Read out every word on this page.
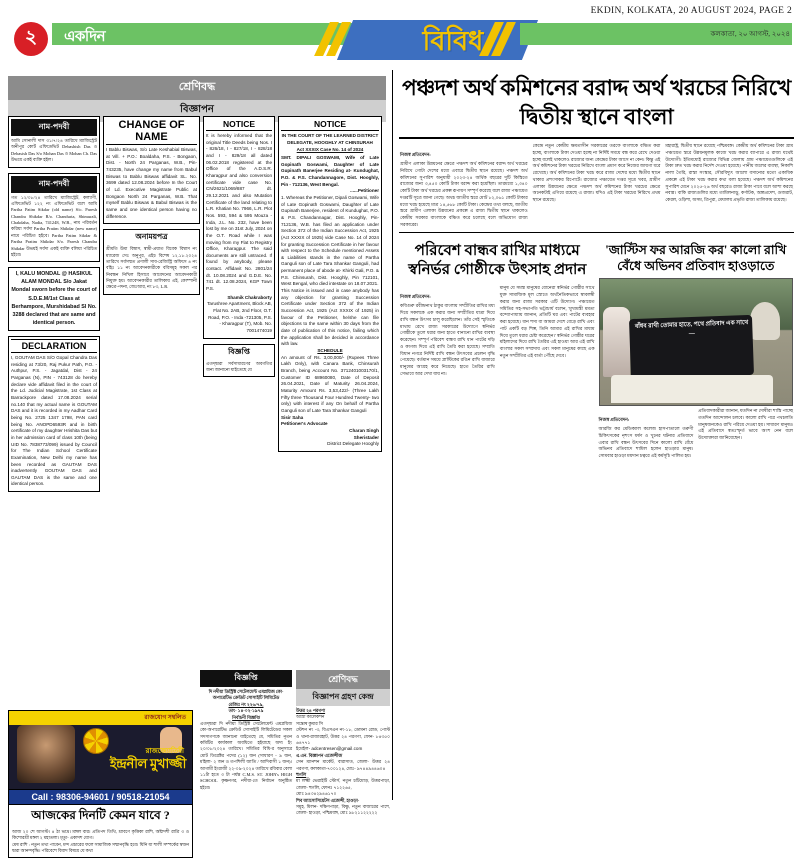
২	একদিন	বিবিধ
EKDIN, KOLKATA, 20 AUGUST 2024, PAGE 2
কলকাতা, ২০ আগস্ট, ২০২৪
শ্রেণিবদ্ধ
বিজ্ঞাপন
নাম-পদবী
আমি সোনালী দাস ৩১/৭/২৪ তারিখে ম্যাজিস্ট্রেট অনীপুর কোর্ট এফিডেভিট Debashish Das ও Debasish Das S/o Mohan Das ও Mohan Ch. Das উভয়ে একই ব্যক্তি হইল।
নাম-পদবী
গত ১২/০৮/২৪ তারিখে ম্যাজিস্ট্রেট, কল্যাণী, এফিডেভিট ১২২ নং এফিডেভিট বলে আমি Partha Patim Sikdar (old name) S/o. Paresh Chandra Shikdar R/o. Chanduria, Shimurali, Chakdaha, Nadia, 741248, W.B., নাম পরিবর্তন করিয়া সর্বদা Partha Pratim Shikdar (new name) নামে পরিচিত হইবে। Partha Patim Sikdar & Partha Pratim Shikdar S/o. Paresh Chandra Shikdar উভয়ই সর্বদা একই ব্যক্তি বলিয়া পরিচিত হইবে।
I, KALU MONDAL @ HASIKUL ALAM MONDAL S/o Jakat Mondal sworn before the court of S.D.E.M/1st Class at Berhampore, Murshidabad Sl No. 3288 declared that are same and identical person.
DECLARATION
I, GOUTAM DAS S/O Gopal Chandra Das residing at 73/20, Raj Pukur Path, P.O. - Authpur, P.S. - Jagatdal, Dist - 24 Parganas (N), PIN - 743128 do hereby declare vide affidavit filed in the court of the Ld. Judicial Magistrate, 1st Class at Barrackpore dated 17.08.2024 serial no.140 that my actual name is GOUTAM DAS and it is recorded in my Aadhar Card being No. 2725 1347 1798, PAN card being No. ANOPD6593R and in birth certificate of my daughter Hrishita Das but in her admission card of class 10th (being UID No. 7838773/099) issued by Council for The Indian School Certificate Examination, New Delhi my name has been recorded as GAUTAM DAS inadvertently GOUTAM DAS and GAUTAM DAS is the same and one identical person.
CHANGE OF NAME
I Bablu Biswas, S/o Late Keshabial Biswas, at Vill. + P.O.: Boaldaha, P.S. - Bongaon, Dist. - North 24 Parganas, W.B., Pin-743235, have change my name from Babul Biswas to Bablu Biswas affidavit SL. No. 3699 dated 12.08.2024 before In the Court of Ld. Executive Magistrate Public at Bongaon North 24 Parganas, W.B. That myself Bablu Biswas & Babul Biswas is the same and one identical person having no difference.
অনাময়পত্র
শ্রীমতি উমা বিশ্বাস, স্বামী-প্রয়াত বিবেক বিশ্বাস নং ম্যারেজ সেঃ অনুপুর, এইচ বিশেষ ১২.১৮.২০২৪ তারিখে সর্বসম্মত প্রণালী সাব-রেজিস্ট্রি অফিসে ৪ নং বহিঃ ১১ নং আবেদনকারীকে ববিসমূহ সকল পর নিবন্ধন নিখিল হিসাবে আবেদনের আবেদনকারী নিযুক্ত হয়। আবেদনকারীর তালিকায় এই, কোম্পানী ক্ষেত্রে-পদনা, জেঃআর, নং ৮৩, L.R.
NOTICE
It is hereby informed that the original Title Deeds being Nos. I - 826/18, I - 827/18, I - 828/18 and I - 829/18 all dated 06.02.2018 registered at the Office of the A.D.S.R. Kharagpur and also conversion certificate vide case No. CN/2621/1069/887 dt. 29.12.2021 and also Mutation Certificate of the land relating to L.R. Khatian No. 7966, L.R. Plot Nos. 593, 594 & 595 Mouza - Inda, J.L. No. 232, have been lost by me on 31st July, 2024 on the O.T. Road while I was moving from my Flat to Registry Office, Kharagpur. The said documents are still untraced. If found by anybody, please contact. Affidavit No. 2801/24 dt. 10.08.2024 and G.D.E. No. 741 dt. 12.08.2024, KGP Town P.S.
Shamik Chakraborty
Tarushree Apartment, Block AB, Flat No. 2AB, 2nd Floor, O.T. Road, P.O. - Inda -721305, P.S. - Kharagpur (T), Mob. No. 7001474019
বিজ্ঞপ্তি
এতদ্দ্বারা সর্বসাধারণের অবগতির জন্য জানানো যাইতেছে যে
NOTICE
IN THE COURT OF THE LEARNED DISTRICT DELEGATE, HOOGHLY AT CHINSURAH
Act XXXIX Case No. 14 of 2024
SMT. DIPALI GOSWAMI, Wife of Late Gopinath Goswami, Daughter of Late Gupinath Banerjee Residing at- Kundughat, P.O. & P.S. Chandannagore, Dist. Hooghly, Pin - 712136, West Bengal.
......Petitioner
1. Whereas the Petitioner, Dipali Goswami, Wife of Late Gopinath Goswami, Daughter of Late Gupinath Banerjee, resident of Kundughat, P.O. & P.S. Chandannagar, Dist. Hooghly, Pin- 712136, W.B. has filed an application under Section 372 of the Indian Succession Act, 1925 (Act XXXIX of 1925) vide Case No. 14 of 2024 for granting Succession Certificate in her favour with respect to the Schedule mentioned Assets & Liabilities stands in the name of Partha Ganguli son of Late Tara Shankar Ganguli, had permanent place of abode at- Khirki Gali, P.O. & P.S. Chinsurah, Dist. Hooghly, Pin 712101, West Bengal, who died intestate on 18.07.2021.
This Notice is issued and in case anybody has any objection for granting Succession Certificate under Section 372 of the Indian Succession Act, 1925 (Act XXXIX of 1925) in favour of the Petitioner, he/she can file objections to the same within 30 days from the date of publication of this notice, failing which the application shall be decided in accordance with law.
SCHEDULE
An amount of Rs. 3,00,000/- (Rupees Three Lakh Only), with Canara Bank, Chinsurah Branch, being Account No. 3712401003170/1, Customer ID 68960080, Date of Deposit 26.04.2021, Date of Maturity 26.04.2024, Maturity Amount Rs. 3,53,422/- (Three Lakh Fifty three Thousand Four Hundred Twenty- two only) with interest if any On behalf of Partha Ganguli son of Late Tara Shankar Ganguli
Sisir Saha
Petitioner's Advocate
Charan Singh
Sheristader
District Delegate Hooghly
বিজ্ঞপ্তি
দি নদীয়া ডিস্ট্রিক্ট সেটেলমেন্ট এমপ্লয়িজ কো-অপারেটিভ ক্রেডিট সোসাইটি লিমিটেড
রেজিঃ নং ২২৬/৭৯,
তাং- ১৪-০২-১৯৭৯
নির্বাচনী বিজ্ঞপ্তি
এতদ্দ্বারা দি নদীয়া ডিস্ট্রিক্ট সেটেলমেন্ট এমপ্লয়িজ কো-অপারেটিভ ক্রেডিট সোসাইটি লিমিটেডের সকল সদস্যগণকে জানানো যাইতেছে যে, সমিতির নূতন কমিটির কার্যকাল অবধিতে হইয়াছে অদ্য ইং ২০/০৮/২০২৪ তারিখে। সমিতির বিধি-র অনুসারে মোট ডিরেক্টর পদের (১২) জন (সাধারণ - ৯ জন, মহিলা- ২ জন ও তপশিলী জাতি / আদিবাসী ১ জন)। আগামী ইংরাজী ২২-০৯-২০২৪ তারিখে রবিবার বেলা ১১টা হতে ৩ টা পর্যন্ত C.M.S. ST. JOHN's HIGH SCHOOL কৃষ্ণনগর, নদীয়া-তে নির্বাচন অনুষ্ঠিত হইবে।
শ্রেণিবদ্ধ
বিজ্ঞাপন গ্রহণ কেন্দ্র
উত্তর ২৪ পরগণা
আম্রা কালেকশন
সন্তোষ কুমার সি
স্টেশন নং -৩, বিএসএন নং-১৮, ডোমনা রোড, পোস্ট ও থানা-রাজারহাট, উত্তর ২৪ পরগণা, ফোন- ৮৪৩৫০ ৬৪৭৭১
ইমেইল- adcentresen@gmail.com
এ.এন. বিজ্ঞাপন এজেন্সীজ
সেন ম্যানশন মার্কেট, বারাসাত, জেলা- উত্তর ২৪ পরগণা, কলকাতা-৭০০১২৪, মোঃ- ৯৭৪৪৯৪৪৬০৪
হুগলি
মা লক্ষ্মী ভেরাইটি স্টোর্স, নতুন চটিমোড়, উত্তরপাড়া, জেলা- হুগলি, ফোনঃ ৭১২২৬৫,
মোঃ ৯৪৩৪২৯৪৬১৭০
শিব অ্যাসোসিয়েটস এজেন্সী, হাওড়া-
সমূহ, মিলন- দক্ষিণপাড়া, বিষ্ণু, নতুন বাজারের পাশে, জেলা- হাওড়া, পশ্চিমবঙ্গ, মোঃ ৯৮২১১২২২২২
রাজযোগ সম্বলিত
রাজজ্যোতিষী
ইন্দ্রনীল মুখাজ্জী
Call : 98306-94601 / 90518-21054
আজকের দিনটি কেমন যাবে ?
আজ ২০ শে আগস্ট। ৪ ঠা ভাদ্র। মঙ্গল বার। প্রতিপদ তিথি, শ্রাবণে কৃত্তিকা রাশি, অষ্টাদশী রাত্রি ৩ ও কিশোরশ্রী মঙ্গল ২ মহাতলা। মৃত্যু- একাদশ যোগ।
মেষ রাশি : নতুন তথ্য পাবেন, মন্দ প্রচারের ফলে সামাজিক সম্মানবৃদ্ধি হবে। যিনি যা শালী সম্পর্কের স্বজন দ্বারা আনন্দবৃদ্ধি। পরিবেশে বিবাদ বিষয়ে যে কথা
পঞ্চদশ অর্থ কমিশনের বরাদ্দ অর্থ খরচের নিরিখে দ্বিতীয় স্থানে বাংলা
নিজস্ব প্রতিবেদন:
গ্রামীণ এলাকা উন্নয়নের ক্ষেত্রে পঞ্চদশ অর্থ কমিশনের বরাদ্দ অর্থ খরচের নিরিখে গোটা দেশের মধ্যে এবারে দ্বিতীয় স্থানে রয়েছে। পঞ্চদশ অর্থ কমিশনের সুপারিশ অনুযায়ী ২০২৩-২৪ অর্থিক বছরের দুটি কিস্তিতে রাজ্যের জন্য ৩,৪৫০ কোটি টাকা বরাদ্দ করা হয়েছিল। তারমধ্যে ১,৩৪০ কোটি টাকা অর্থ খরচের প্রকল্প রূপায়ণ সম্পূর্ণ করেছে বলে রাজ্য পঞ্চায়েত দপ্তরটি সূত্রে জানা গেছে। অথচ জাতীয় স্তরে মোট ৮২,০৬১ কোটি টাকার মধ্যে খরচ হয়েছে মাত্র ১৪,৫৬৮ কোটি টাকা। কেন্দ্রের তথ্য বলছে, জাতীয় স্তরে গ্রামীণ এলাকা উন্নয়নের প্রকল্পে এ রাজ্য দ্বিতীয় স্থানে থাকলেও কেন্দ্রীয় সরকার বাংলাকে বঞ্চিত করে চলেছে বলে অভিযোগ রাজ্য সরকারের।
কেন্দ্রে নতুন কেন্দ্রীয় ক্ষমতাসীন সরকারের তরফে বাংলাকে বঞ্চিত করা হচ্ছে, বাংলাকে টাকা দেওয়া হচ্ছে না নির্দিষ্ট সময়ে বন্ধ করে রেখে দেওয়া হচ্ছে বলেই থাকলেও রাজ্যের জন্য কেন্দ্রের টাকা আসে না কেন। কিন্তু এই অর্থ কমিশনের টাকা খরচের নিরিখে বাংলা প্রমাণ করে নিজের জায়গা ধরে রেখেছে। অর্থ কমিশনের টাকা খরচ করে রাজ্য দেশের মধ্যে দ্বিতীয় স্থানে থাকার প্রশংসাকর রিপোর্টে। রাজ্যের পঞ্চায়েত দপ্তর সূত্রে খবর, গ্রামীণ এলাকা উন্নয়নের ক্ষেত্রে পঞ্চদশ অর্থ কমিশনের টাকা খরচের ক্ষেত্রে অনেকটাই এগিয়ে রয়েছে এ রাজ্য। যদিও এই টাকা খরচের নিরিখে প্রথম স্থানে রয়েছে।
মহারাষ্ট্র, দ্বিতীয় স্থানে রয়েছে পশ্চিমবঙ্গ। কেন্দ্রীয় অর্থ কমিশনের টাকা গ্রাম পঞ্চায়েত স্তরে উন্নয়নমূলক কাজে খরচ করার ব্যাপারে এ রাজ্য যথেষ্ট উদ্যোগী। ইতিমধ্যেই রাজ্যের বিভিন্ন জেলায় গ্রাম পঞ্চায়েতগুলিকে এই টাকা দ্রুত খরচ করার নির্দেশ দেওয়া হয়েছে। পানীয় জলের ব্যবস্থা, নিকাশি নালা তৈরি, রাস্তা সংস্কার, সৌরবিদ্যুৎ আলো বসানোর মতো একাধিক প্রকল্পে এই টাকা খরচ করার কথা বলা হয়েছে। পঞ্চদশ অর্থ কমিশনের সুপারিশ মেনে ২০২৫-২৬ অর্থ বছরেও রাজ্য টাকা পাবে বলে আশা করছে নবান্ন। বাকি রাজ্যগুলির মধ্যে তামিলনাড়ু, কর্ণাটক, অন্ধ্রপ্রদেশ, গুজরাট, কেরল, ওড়িশা, অসম, ত্রিপুরা, মেঘালয় প্রভৃতি রাজ্য তালিকায় রয়েছে।
পরিবেশ বান্ধব রাখির মাধ্যমে স্বনির্ভর গোষ্ঠীকে উৎসাহ প্রদান
নিজস্ব প্রতিবেদন:
কবিগুরু রবীন্দ্রনাথ ঠাকুর বাংলায় সম্প্রীতির রাখির মধ্য দিয়ে সকলকে এক করার জন্য সম্প্রীতির যাত্রা দিয়ে রাখি বন্ধন উৎসব চালু করেছিলেন। তাঁর সেই স্মৃতিকে মাথায় রেখে রাজ্য সরকারের উদ্যোগে স্বনির্ভর গোষ্ঠীকে তুলে ধরার জন্য হাতে বানানো রাখির ব্যবস্থা করেছেন। সম্পূর্ণ পরিবেশ বান্ধব রাখি ধান পাটের দড়ি ও কাগজ দিয়ে এই রাখি তৈরি করা হয়েছে। সম্প্রতি বিধান নগরে নির্দিষ্ট রাখি বন্ধন উৎসবের প্রচলন বৃদ্ধি পেয়েছে। বর্তমান সময়ে প্লাস্টিকের রঙিন রাখি বাজারে মানুষের আগ্রহ করে নিয়েছে। হাতে তৈরির রাখি সেভাবে আর দেখা যায় না।
মানুষ যে সমস্ত মানুষের বোনেরা স্বনির্ভর গোষ্ঠীর সাথে যুক্ত সামাজিক মূল স্রোতে অর্থনৈতিকভাবে স্বাবলম্বী করার জন্য রাজ্য সরকার এটি উদ্যোগ। পঞ্চায়েত সমিতির সহ-সভাপতি ভট্টাচার্য বলেন, 'মুখ্যমন্ত্রী মমতা বন্দ্যোপাধ্যায় জানান, প্রতিটি ঘর এবং পাটের ব্যবহার করা হয়েছে। ধান শস্য বা আমরা দেশে বেড়ে রাখি এবং পাট একটি বড় শিল্প, তিনি আমার এই রাখির মাধ্যম দিয়ে তুলে ধরার চেষ্টা করেছেন।' স্বনির্ভর গোষ্ঠীর ঘরের মহিলাদের দিয়ে রাখি তৈরির এই হাওয়া আর এই রাখি বাংলার সকল সম্প্রদায় এবং সকল মানুষের কাছে এক নতুন সম্প্রীতির এই বার্তা পৌঁছে দেবে।
'জাস্টিস ফর আরজি কর' কালো রাখি বেঁধে অভিনব প্রতিবাদ হাওড়াতে
বাঁধব রাখী তোমার হাতে, পথে প্রতিবাদ এক সাথে—
নিজস্ব প্রতিবেদন:
আরজি কর মেডিক্যাল কলেজ হাসপাতালে তরুণী চিকিৎসকের নৃশংস ধর্ষণ ও খুনের ঘটনার প্রতিবাদে এবার রাখি বন্ধন উৎসবের দিনে কালো রাখি বেঁধে অভিনব প্রতিবাদে শামিল হলেন হাওড়ার মানুষ। সোমবার হাওড়া ময়দান চত্বরে এই কর্মসূচি পালিত হয়।
প্রতিবাদকারীরা জানান, যতদিন না দোষীরা শাস্তি পাচ্ছে ততদিন আন্দোলন চলবে। কালো রাখি পরে পথচলতি মানুষজনকেও রাখি পরিয়ে দেওয়া হয়। সাধারণ মানুষও এই প্রতিবাদে স্বতঃস্ফূর্ত ভাবে অংশ নেন বলে উদ্যোক্তারা জানিয়েছেন।
